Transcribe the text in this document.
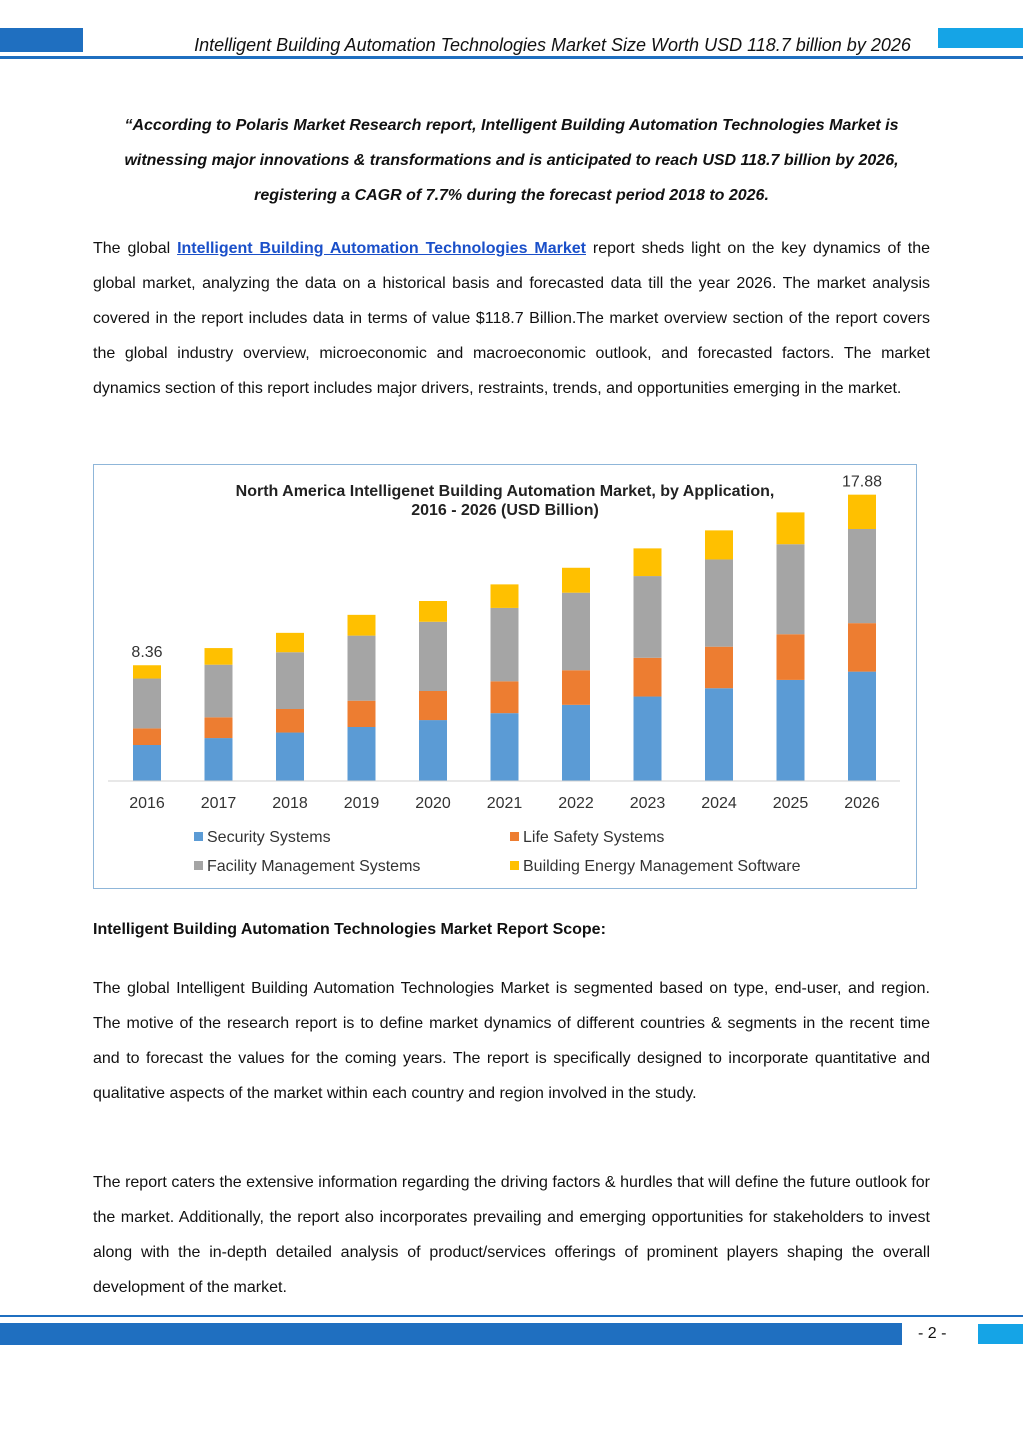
Intelligent Building Automation Technologies Market Size Worth USD 118.7 billion by 2026
“According to Polaris Market Research report, Intelligent Building Automation Technologies Market is
witnessing major innovations & transformations and is anticipated to reach USD 118.7 billion by 2026,
registering a CAGR of 7.7% during the forecast period 2018 to 2026.

The global Intelligent Building Automation Technologies Market report sheds light on the key dynamics of the global market, analyzing the data on a historical basis and forecasted data till the year 2026. The market analysis covered in the report includes data in terms of value $118.7 Billion.The market overview section of the report covers the global industry overview, microeconomic and macroeconomic outlook, and forecasted factors. The market dynamics section of this report includes major drivers, restraints, trends, and opportunities emerging in the market.

North America Intelligenet Building Automation Market, by Application,
2016 - 2026 (USD Billion)
8.36
17.88
2016 2017 2018 2019 2020 2021 2022 2023 2024 2025 2026
Security Systems	Life Safety Systems
Facility Management Systems	Building Energy Management Software
Intelligent Building Automation Technologies Market Report Scope:

The global Intelligent Building Automation Technologies Market is segmented based on type, end-user, and region. The motive of the research report is to define market dynamics of different countries & segments in the recent time and to forecast the values for the coming years. The report is specifically designed to incorporate quantitative and qualitative aspects of the market within each country and region involved in the study.

The report caters the extensive information regarding the driving factors & hurdles that will define the future outlook for the market. Additionally, the report also incorporates prevailing and emerging opportunities for stakeholders to invest along with the in-depth detailed analysis of product/services offerings of prominent players shaping the overall development of the market.

- 2 -
